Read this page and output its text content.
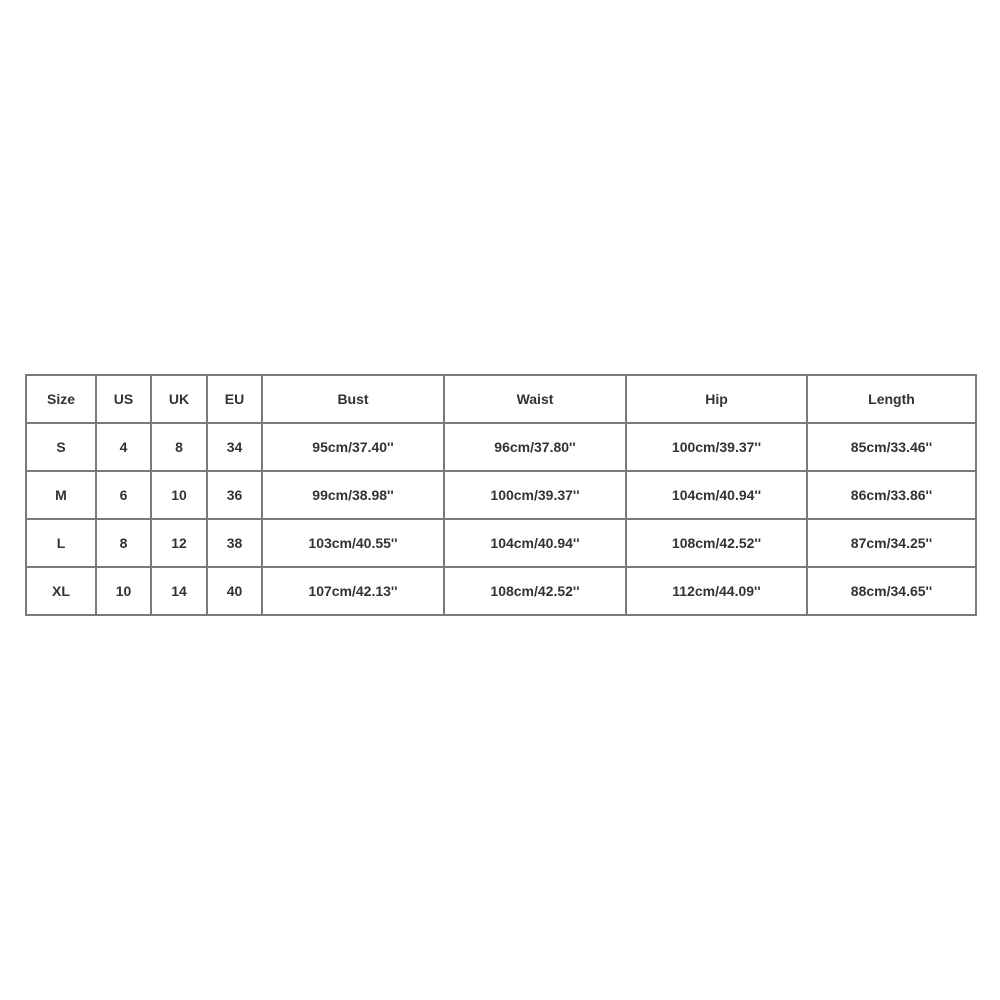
Size	US	UK	EU	Bust	Waist	Hip	Length
S	4	8	34	95cm/37.40''	96cm/37.80''	100cm/39.37''	85cm/33.46''
M	6	10	36	99cm/38.98''	100cm/39.37''	104cm/40.94''	86cm/33.86''
L	8	12	38	103cm/40.55''	104cm/40.94''	108cm/42.52''	87cm/34.25''
XL	10	14	40	107cm/42.13''	108cm/42.52''	112cm/44.09''	88cm/34.65''
